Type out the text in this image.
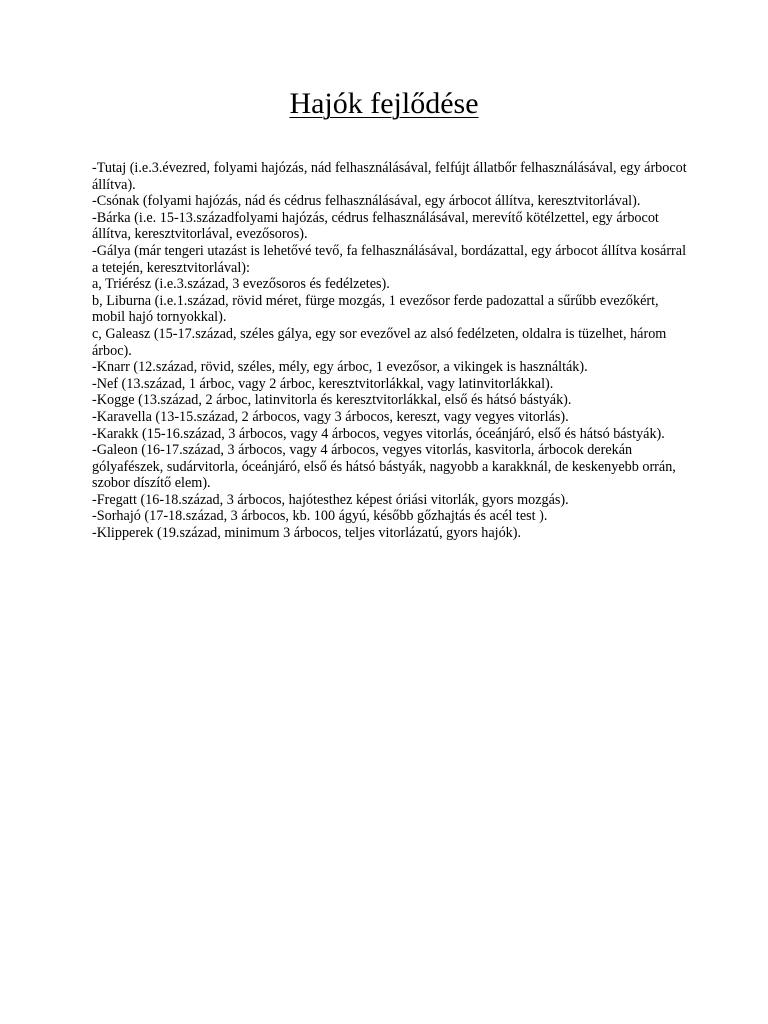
Hajók fejlődése

-Tutaj (i.e.3.évezred, folyami hajózás, nád felhasználásával, felfújt állatbőr felhasználásával, egy árbocot állítva).

-Csónak (folyami hajózás, nád és cédrus felhasználásával, egy árbocot állítva, keresztvitorlával).

-Bárka (i.e. 15-13.századfolyami hajózás, cédrus felhasználásával, merevítő kötélzettel, egy árbocot állítva, keresztvitorlával, evezősoros).

-Gálya (már tengeri utazást is lehetővé tevő, fa felhasználásával, bordázattal, egy árbocot állítva kosárral a tetején, keresztvitorlával):

a, Triérész (i.e.3.század, 3 evezősoros és fedélzetes).

b, Liburna (i.e.1.század, rövid méret, fürge mozgás, 1 evezősor ferde padozattal a sűrűbb evezőkért, mobil hajó tornyokkal).

c, Galeasz (15-17.század, széles gálya, egy sor evezővel az alsó fedélzeten, oldalra is tüzelhet, három árboc).

-Knarr (12.század, rövid, széles, mély, egy árboc, 1 evezősor, a vikingek is használták).

-Nef (13.század, 1 árboc, vagy 2 árboc, keresztvitorlákkal, vagy latinvitorlákkal).

-Kogge (13.század, 2 árboc, latinvitorla és keresztvitorlákkal, első és hátsó bástyák).

-Karavella (13-15.század, 2 árbocos, vagy 3 árbocos, kereszt, vagy vegyes vitorlás).

-Karakk (15-16.század, 3 árbocos, vagy 4 árbocos, vegyes vitorlás, óceánjáró, első és hátsó bástyák).

-Galeon (16-17.század, 3 árbocos, vagy 4 árbocos, vegyes vitorlás, kasvitorla, árbocok derekán gólyafészek, sudárvitorla, óceánjáró, első és hátsó bástyák, nagyobb a karakknál, de keskenyebb orrán, szobor díszítő elem).

-Fregatt (16-18.század, 3 árbocos, hajótesthez képest óriási vitorlák, gyors mozgás).

-Sorhajó (17-18.század, 3 árbocos, kb. 100 ágyú, később gőzhajtás és acél test ).

-Klipperek (19.század, minimum 3 árbocos, teljes vitorlázatú, gyors hajók).
